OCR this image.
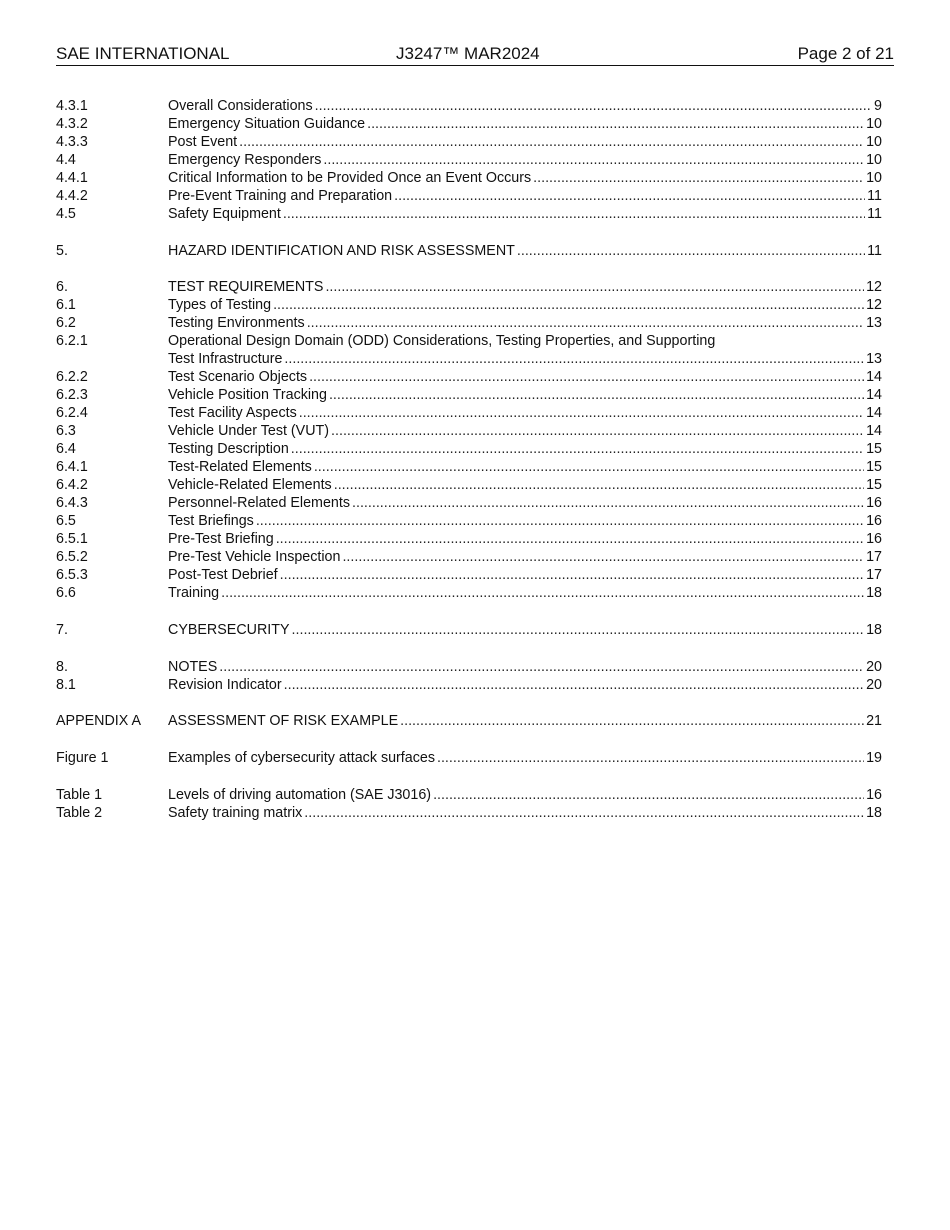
SAE INTERNATIONAL	J3247™ MAR2024	Page 2 of 21
4.3.1	Overall Considerations .....	9
4.3.2	Emergency Situation Guidance .....	10
4.3.3	Post Event .....	10
4.4	Emergency Responders .....	10
4.4.1	Critical Information to be Provided Once an Event Occurs .....	10
4.4.2	Pre-Event Training and Preparation .....	11
4.5	Safety Equipment .....	11
5.	HAZARD IDENTIFICATION AND RISK ASSESSMENT .....	11
6.	TEST REQUIREMENTS .....	12
6.1	Types of Testing .....	12
6.2	Testing Environments .....	13
6.2.1	Operational Design Domain (ODD) Considerations, Testing Properties, and Supporting
Test Infrastructure .....	13
6.2.2	Test Scenario Objects .....	14
6.2.3	Vehicle Position Tracking .....	14
6.2.4	Test Facility Aspects .....	14
6.3	Vehicle Under Test (VUT) .....	14
6.4	Testing Description .....	15
6.4.1	Test-Related Elements .....	15
6.4.2	Vehicle-Related Elements .....	15
6.4.3	Personnel-Related Elements .....	16
6.5	Test Briefings .....	16
6.5.1	Pre-Test Briefing .....	16
6.5.2	Pre-Test Vehicle Inspection .....	17
6.5.3	Post-Test Debrief .....	17
6.6	Training .....	18
7.	CYBERSECURITY .....	18
8.	NOTES .....	20
8.1	Revision Indicator .....	20
APPENDIX A ASSESSMENT OF RISK EXAMPLE .....	21
Figure 1	Examples of cybersecurity attack surfaces .....	19
Table 1	Levels of driving automation (SAE J3016) .....	16
Table 2	Safety training matrix .....	18
